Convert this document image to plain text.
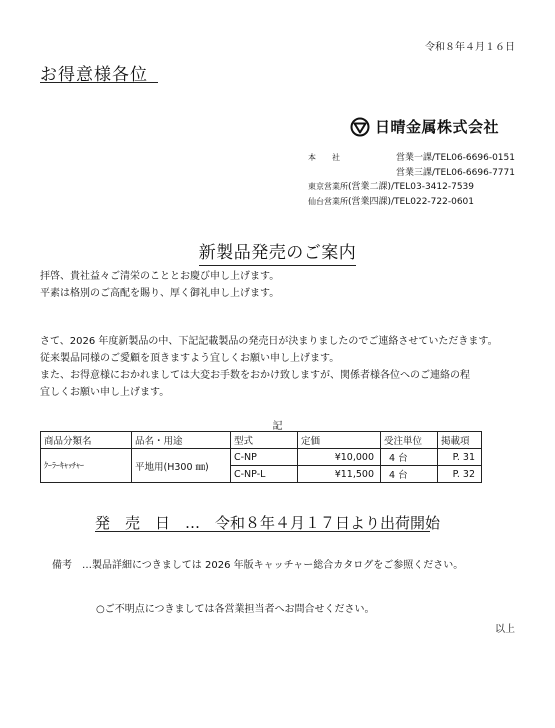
令和８年４月１６日
お得意様各位
日晴金属株式会社
本　　社	営業一課 /TEL06-6696-0151
営業三課 /TEL06-6696-7771
東京営業所 (営業二課) /TEL03-3412-7539
仙台営業所 (営業四課) /TEL022-722-0601
新製品発売のご案内
拝啓、貴社益々ご清栄のこととお慶び申し上げます。
平素は格別のご高配を賜り、厚く御礼申し上げます。
さて、2026 年度新製品の中、下記記載製品の発売日が決まりましたのでご連絡させていただきます。
従来製品同様のご愛顧を頂きますよう宜しくお願い申し上げます。
また、お得意様におかれましては大変お手数をおかけ致しますが、関係者様各位へのご連絡の程
宜しくお願い申し上げます。
記
商品分類名	品名・用途	型式	定価	受注単位	掲載項
ｸｰﾗｰｷｬｯﾁｬｰ	平地用(H300 ㎜)	C-NP	¥10,000	4 台	P. 31
		C-NP-L	¥11,500	4 台	P. 32
発　売　日　…　令和８年４月１７日より出荷開始
備考　…製品詳細につきましては 2026 年版キャッチャー総合カタログをご参照ください。
○ご不明点につきましては各営業担当者へお問合せください。
以上
